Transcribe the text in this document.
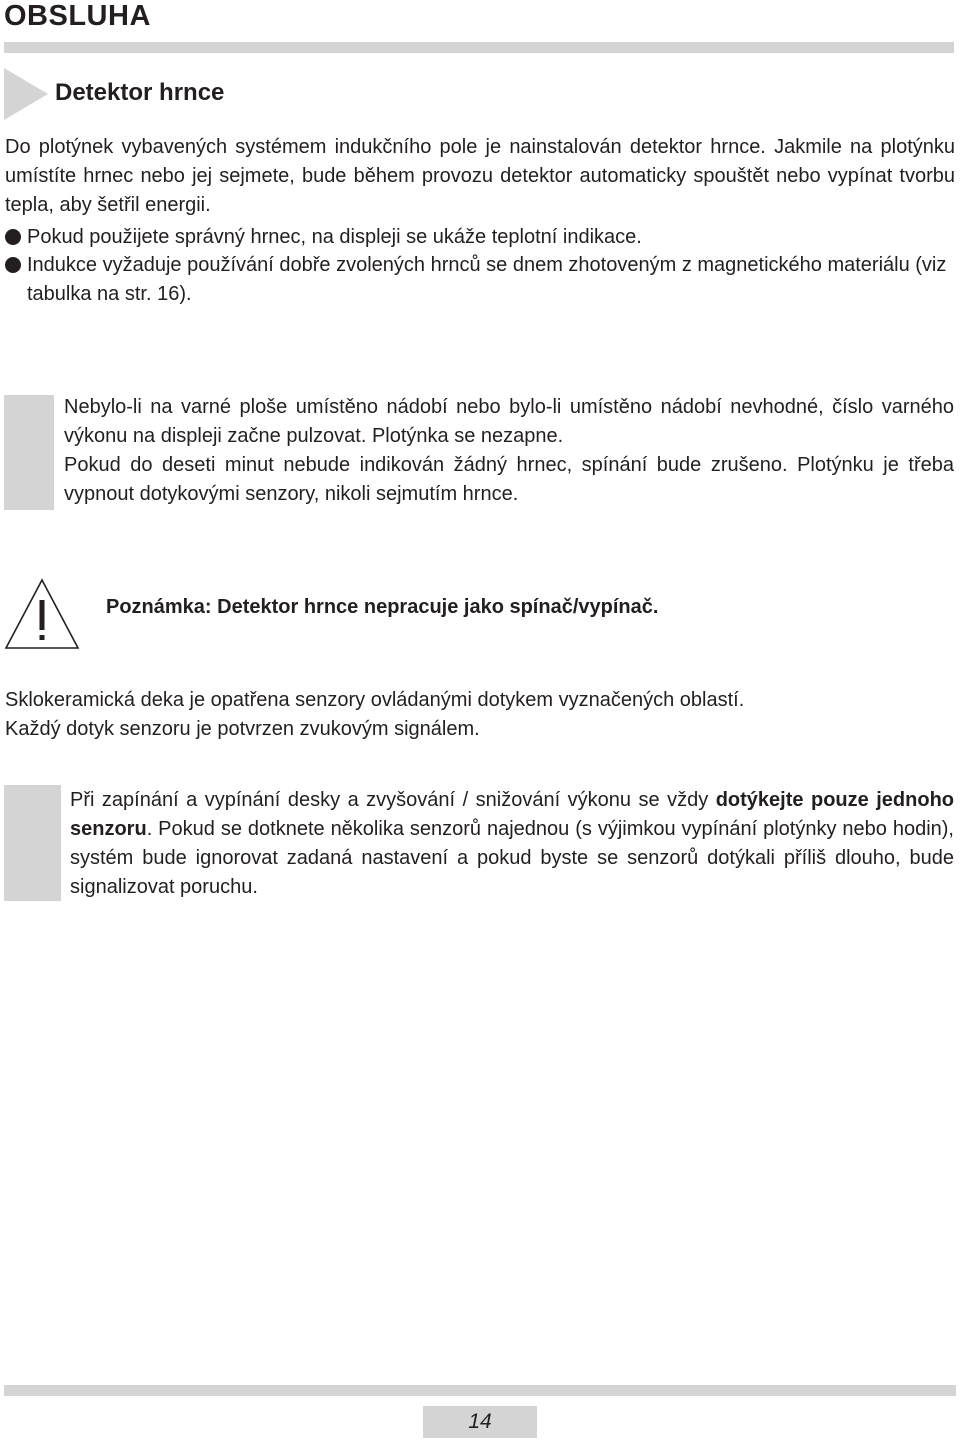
OBSLUHA
Detektor hrnce
Do plotýnek vybavených systémem indukčního pole je nainstalován detektor hrnce. Jakmile na plotýnku umístíte hrnec nebo jej sejmete, bude během provozu detektor automaticky spouštět nebo vypínat tvorbu tepla, aby šetřil energii.
Pokud použijete správný hrnec, na displeji se ukáže teplotní indikace.
Indukce vyžaduje používání dobře zvolených hrnců se dnem zhotoveným z magnetického materiálu (viz tabulka na str. 16).
Nebylo-li na varné ploše umístěno nádobí nebo bylo-li umístěno nádobí nevhodné, číslo varného výkonu na displeji začne pulzovat. Plotýnka se nezapne.
Pokud do deseti minut nebude indikován žádný hrnec, spínání bude zrušeno. Plotýnku je třeba vypnout dotykovými senzory, nikoli sejmutím hrnce.
Poznámka: Detektor hrnce nepracuje jako spínač/vypínač.
Sklokeramická deka je opatřena senzory ovládanými dotykem vyznačených oblastí.
Každý dotyk senzoru je potvrzen zvukovým signálem.
Při zapínání a vypínání desky a zvyšování / snižování výkonu se vždy dotýkejte pouze jednoho senzoru. Pokud se dotknete několika senzorů najednou (s výjimkou vypínání plotýnky nebo hodin), systém bude ignorovat zadaná nastavení a pokud byste se senzorů dotýkali příliš dlouho, bude signalizovat poruchu.
14
